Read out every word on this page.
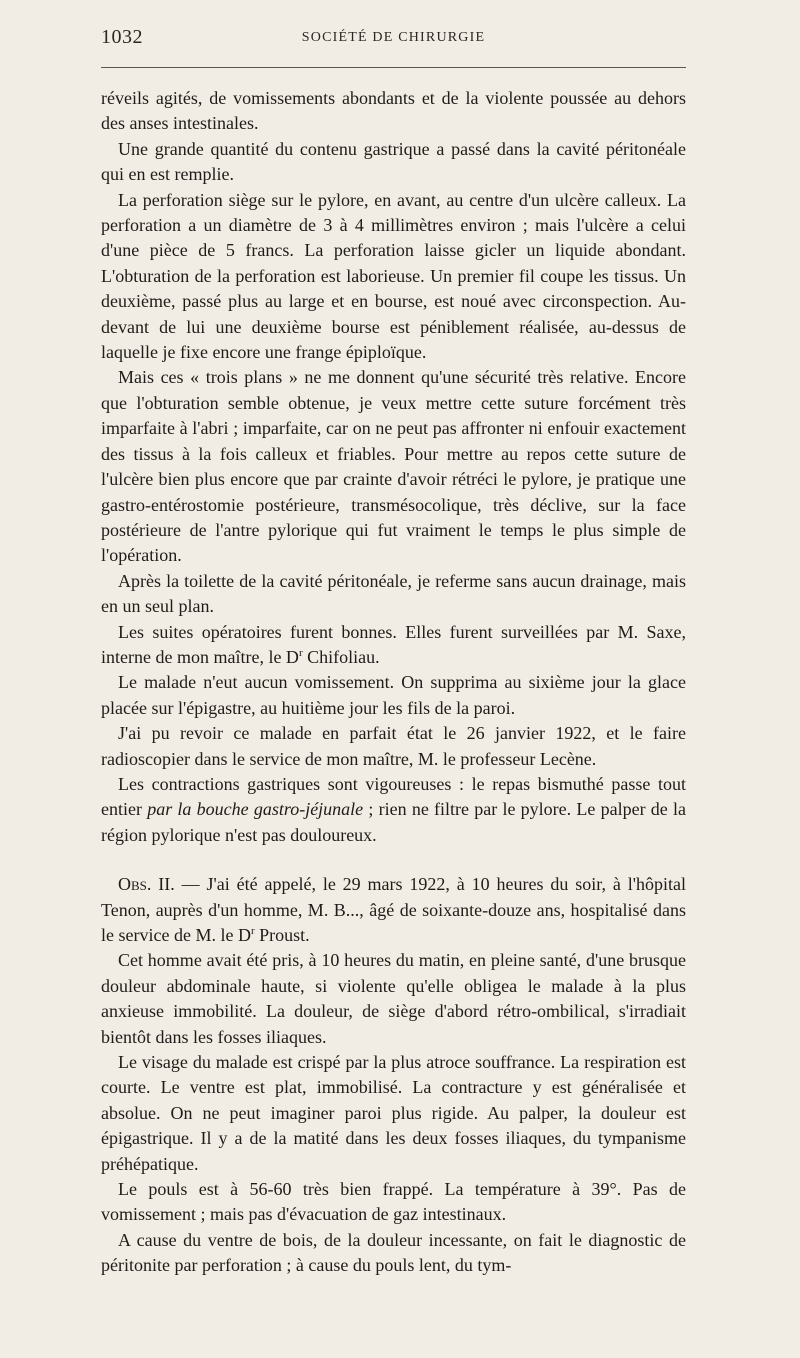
1032	SOCIÉTÉ DE CHIRURGIE

réveils agités, de vomissements abondants et de la violente poussée au dehors des anses intestinales.

Une grande quantité du contenu gastrique a passé dans la cavité péritonéale qui en est remplie.

La perforation siège sur le pylore, en avant, au centre d'un ulcère calleux. La perforation a un diamètre de 3 à 4 millimètres environ ; mais l'ulcère a celui d'une pièce de 5 francs. La perforation laisse gicler un liquide abondant. L'obturation de la perforation est laborieuse. Un premier fil coupe les tissus. Un deuxième, passé plus au large et en bourse, est noué avec circonspection. Au-devant de lui une deuxième bourse est péniblement réalisée, au-dessus de laquelle je fixe encore une frange épiploïque.

Mais ces « trois plans » ne me donnent qu'une sécurité très relative. Encore que l'obturation semble obtenue, je veux mettre cette suture forcément très imparfaite à l'abri ; imparfaite, car on ne peut pas affronter ni enfouir exactement des tissus à la fois calleux et friables. Pour mettre au repos cette suture de l'ulcère bien plus encore que par crainte d'avoir rétréci le pylore, je pratique une gastro-entérostomie postérieure, transmésocolique, très déclive, sur la face postérieure de l'antre pylorique qui fut vraiment le temps le plus simple de l'opération.

Après la toilette de la cavité péritonéale, je referme sans aucun drainage, mais en un seul plan.

Les suites opératoires furent bonnes. Elles furent surveillées par M. Saxe, interne de mon maître, le $D^r$ Chifoliau.

Le malade n'eut aucun vomissement. On supprima au sixième jour la glace placée sur l'épigastre, au huitième jour les fils de la paroi.

J'ai pu revoir ce malade en parfait état le 26 janvier 1922, et le faire radioscopier dans le service de mon maître, M. le professeur Lecène.

Les contractions gastriques sont vigoureuses : le repas bismuthé passe tout entier par la bouche gastro-jéjunale ; rien ne filtre par le pylore. Le palper de la région pylorique n'est pas douloureux.

Obs. II. — J'ai été appelé, le 29 mars 1922, à 10 heures du soir, à l'hôpital Tenon, auprès d'un homme, M. B..., âgé de soixante-douze ans, hospitalisé dans le service de M. le $D^r$ Proust.

Cet homme avait été pris, à 10 heures du matin, en pleine santé, d'une brusque douleur abdominale haute, si violente qu'elle obligea le malade à la plus anxieuse immobilité. La douleur, de siège d'abord rétro-ombilical, s'irradiait bientôt dans les fosses iliaques.

Le visage du malade est crispé par la plus atroce souffrance. La respiration est courte. Le ventre est plat, immobilisé. La contracture y est généralisée et absolue. On ne peut imaginer paroi plus rigide. Au palper, la douleur est épigastrique. Il y a de la matité dans les deux fosses iliaques, du tympanisme préhépatique.

Le pouls est à 56-60 très bien frappé. La température à 39°. Pas de vomissement ; mais pas d'évacuation de gaz intestinaux.

A cause du ventre de bois, de la douleur incessante, on fait le diagnostic de péritonite par perforation ; à cause du pouls lent, du tym-
